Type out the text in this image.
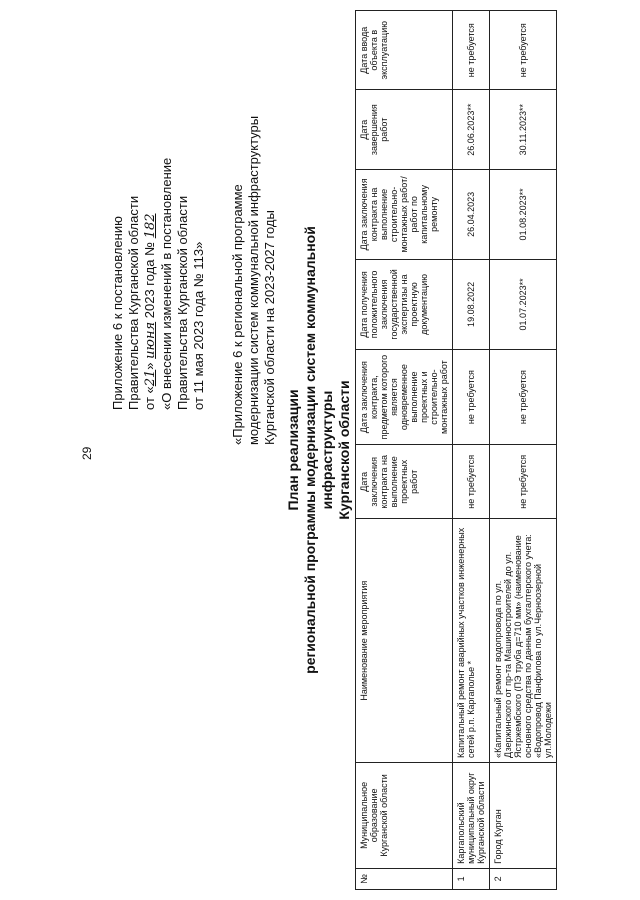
29
Приложение 6 к постановлению Правительства Курганской области от «21» июня 2023 года № 182 «О внесении изменений в постановление Правительства Курганской области от 11 мая 2023 года № 113» «Приложение 6 к региональной программе модернизации систем коммунальной инфраструктуры Курганской области на 2023-2027 годы
План реализации региональной программы модернизации систем коммунальной инфраструктуры Курганской области
№	Муниципальное образование Курганской области	Наименование мероприятия	Дата заключения контракта на выполнение проектных работ	Дата заключения контракта, предметом которого является одновременное выполнение проектных и строительно-монтажных работ	Дата получения положительного заключения государственной экспертизы на проектную документацию	Дата заключения контракта на выполнение строительно-монтажных работ/работ по капитальному ремонту	Дата завершения работ	Дата ввода объекта в эксплуатацию
1	Каргапольский муниципальный округ Курганской области	Капитальный ремонт аварийных участков инженерных сетей р.п. Каргаполье *	не требуется	не требуется	19.08.2022	26.04.2023	26.06.2023**	не требуется
2	Город Курган	«Капитальный ремонт водопровода по ул. Дзержинского от пр-та Машиностроителей до ул. Ястржембского (ПЭ труба д=710 мм» (наименование основного средства по данным бухгалтерского учета: «Водопровод Панфилова по ул.Черноозерной ул.Молодежи	не требуется	не требуется	01.07.2023**	01.08.2023**	30.11.2023**	не требуется
